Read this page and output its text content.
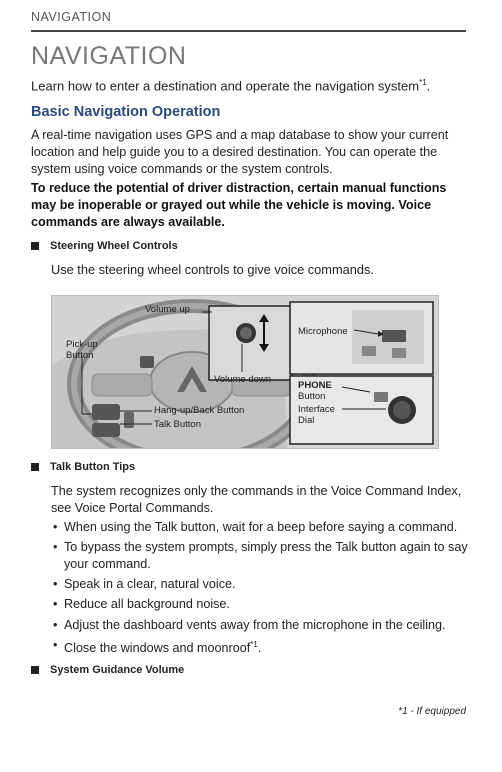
NAVIGATION
NAVIGATION
Learn how to enter a destination and operate the navigation system$^{*1}$.
Basic Navigation Operation
A real-time navigation uses GPS and a map database to show your current location and help guide you to a desired destination. You can operate the system using voice commands or the system controls.
To reduce the potential of driver distraction, certain manual functions may be inoperable or grayed out while the vehicle is moving. Voice commands are always available.
Steering Wheel Controls
Use the steering wheel controls to give voice commands.
Volume up
Pick-up
Button
Volume down
Hang-up/Back Button
Talk Button
Microphone
PHONE
Button
Interface
Dial
Talk Button Tips
The system recognizes only the commands in the Voice Command Index, see Voice Portal Commands.
• When using the Talk button, wait for a beep before saying a command.
• To bypass the system prompts, simply press the Talk button again to say your command.
• Speak in a clear, natural voice.
• Reduce all background noise.
• Adjust the dashboard vents away from the microphone in the ceiling.
• Close the windows and moonroof$^{*1}$.
System Guidance Volume
*1 - If equipped
